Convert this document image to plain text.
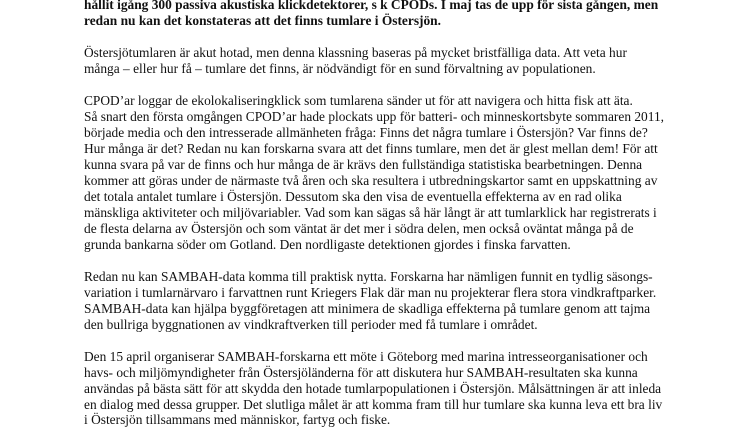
hållit igång 300 passiva akustiska klickdetektorer, s k CPODs. I maj tas de upp för sista gången, men
redan nu kan det konstateras att det finns tumlare i Östersjön.
Östersjötumlaren är akut hotad, men denna klassning baseras på mycket bristfälliga data. Att veta hur
många – eller hur få – tumlare det finns, är nödvändigt för en sund förvaltning av populationen.
CPOD’ar loggar de ekolokaliseringklick som tumlarena sänder ut för att navigera och hitta fisk att äta.
Så snart den första omgången CPOD’ar hade plockats upp för batteri- och minneskortsbyte sommaren 2011,
började media och den intresserade allmänheten fråga: Finns det några tumlare i Östersjön? Var finns de?
Hur många är det? Redan nu kan forskarna svara att det finns tumlare, men det är glest mellan dem! För att
kunna svara på var de finns och hur många de är krävs den fullständiga statistiska bearbetningen. Denna
kommer att göras under de närmaste två åren och ska resultera i utbredningskartor samt en uppskattning av
det totala antalet tumlare i Östersjön. Dessutom ska den visa de eventuella effekterna av en rad olika
mänskliga aktiviteter och miljövariabler. Vad som kan sägas så här långt är att tumlarklick har registrerats i
de flesta delarna av Östersjön och som väntat är det mer i södra delen, men också oväntat många på de
grunda bankarna söder om Gotland. Den nordligaste detektionen gjordes i finska farvatten.
Redan nu kan SAMBAH-data komma till praktisk nytta. Forskarna har nämligen funnit en tydlig säsongs-
variation i tumlarnärvaro i farvattnen runt Kriegers Flak där man nu projekterar flera stora vindkraftparker.
SAMBAH-data kan hjälpa byggföretagen att minimera de skadliga effekterna på tumlare genom att tajma
den bullriga byggnationen av vindkraftverken till perioder med få tumlare i området.
Den 15 april organiserar SAMBAH-forskarna ett möte i Göteborg med marina intresseorganisationer och
havs- och miljömyndigheter från Östersjöländerna för att diskutera hur SAMBAH-resultaten ska kunna
användas på bästa sätt för att skydda den hotade tumlarpopulationen i Östersjön. Målsättningen är att inleda
en dialog med dessa grupper. Det slutliga målet är att komma fram till hur tumlare ska kunna leva ett bra liv
i Östersjön tillsammans med människor, fartyg och fiske.
